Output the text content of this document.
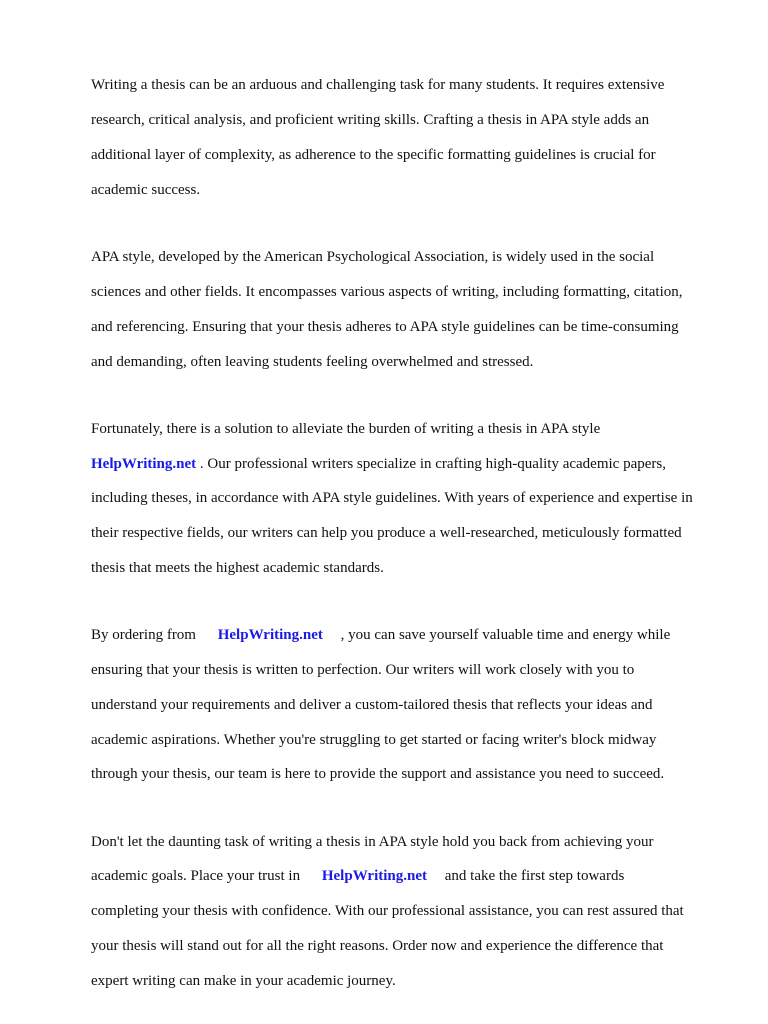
Writing a thesis can be an arduous and challenging task for many students. It requires extensive

research, critical analysis, and proficient writing skills. Crafting a thesis in APA style adds an

additional layer of complexity, as adherence to the specific formatting guidelines is crucial for

academic success.

APA style, developed by the American Psychological Association, is widely used in the social

sciences and other fields. It encompasses various aspects of writing, including formatting, citation,

and referencing. Ensuring that your thesis adheres to APA style guidelines can be time-consuming

and demanding, often leaving students feeling overwhelmed and stressed.

Fortunately, there is a solution to alleviate the burden of writing a thesis in APA style

HelpWriting.net . Our professional writers specialize in crafting high-quality academic papers,

including theses, in accordance with APA style guidelines. With years of experience and expertise in

their respective fields, our writers can help you produce a well-researched, meticulously formatted

thesis that meets the highest academic standards.

By ordering from HelpWriting.net , you can save yourself valuable time and energy while

ensuring that your thesis is written to perfection. Our writers will work closely with you to

understand your requirements and deliver a custom-tailored thesis that reflects your ideas and

academic aspirations. Whether you're struggling to get started or facing writer's block midway

through your thesis, our team is here to provide the support and assistance you need to succeed.

Don't let the daunting task of writing a thesis in APA style hold you back from achieving your

academic goals. Place your trust in HelpWriting.net and take the first step towards

completing your thesis with confidence. With our professional assistance, you can rest assured that

your thesis will stand out for all the right reasons. Order now and experience the difference that

expert writing can make in your academic journey.
